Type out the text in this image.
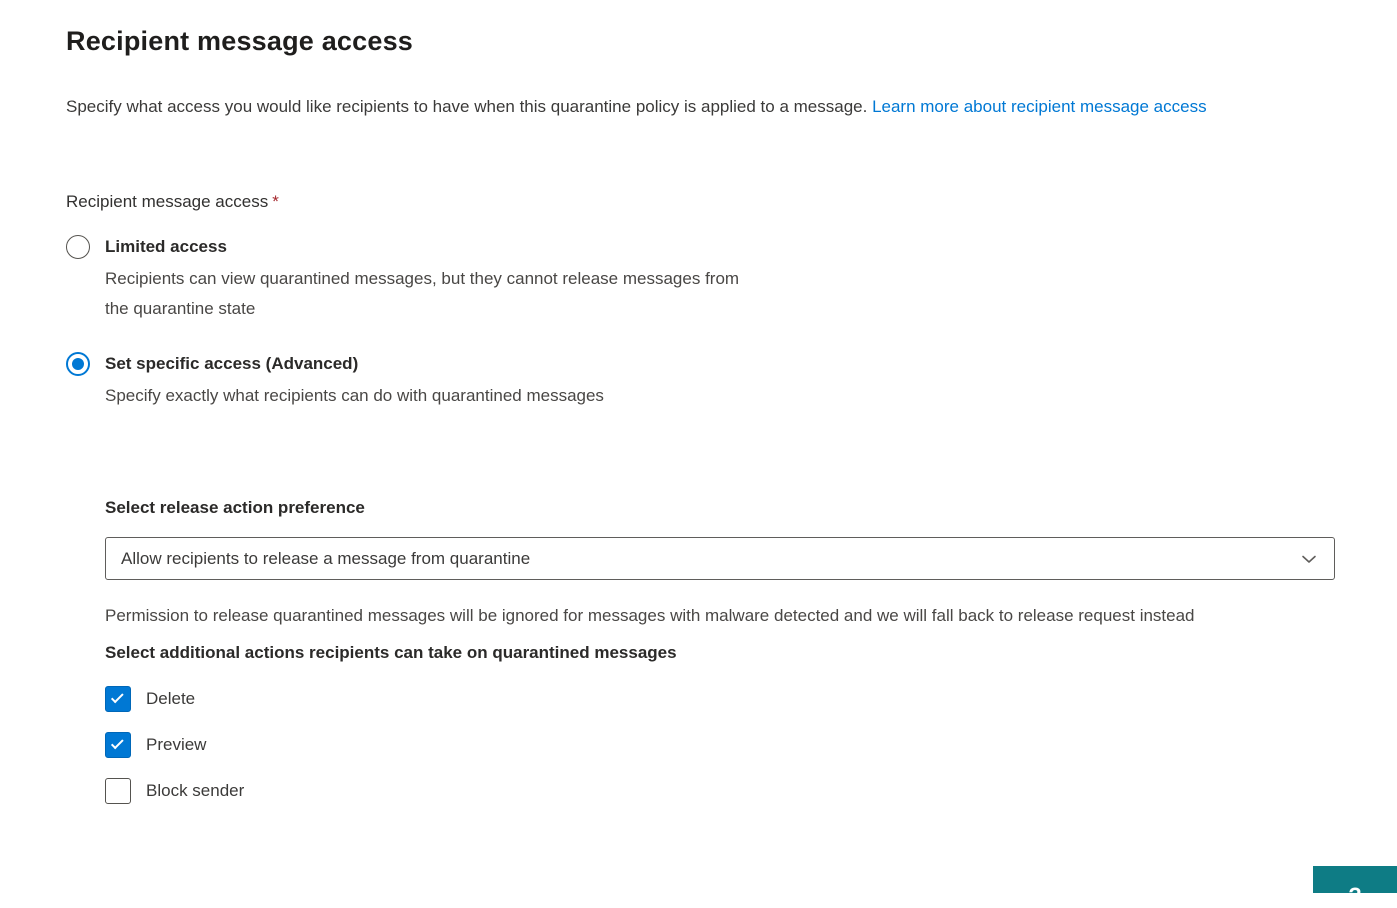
Recipient message access

Specify what access you would like recipients to have when this quarantine policy is applied to a message. Learn more about recipient message access

Recipient message access *
Limited access
Recipients can view quarantined messages, but they cannot release messages from the quarantine state
Set specific access (Advanced)
Specify exactly what recipients can do with quarantined messages
Select release action preference
Allow recipients to release a message from quarantine
Permission to release quarantined messages will be ignored for messages with malware detected and we will fall back to release request instead
Select additional actions recipients can take on quarantined messages
Delete
Preview
Block sender
?
